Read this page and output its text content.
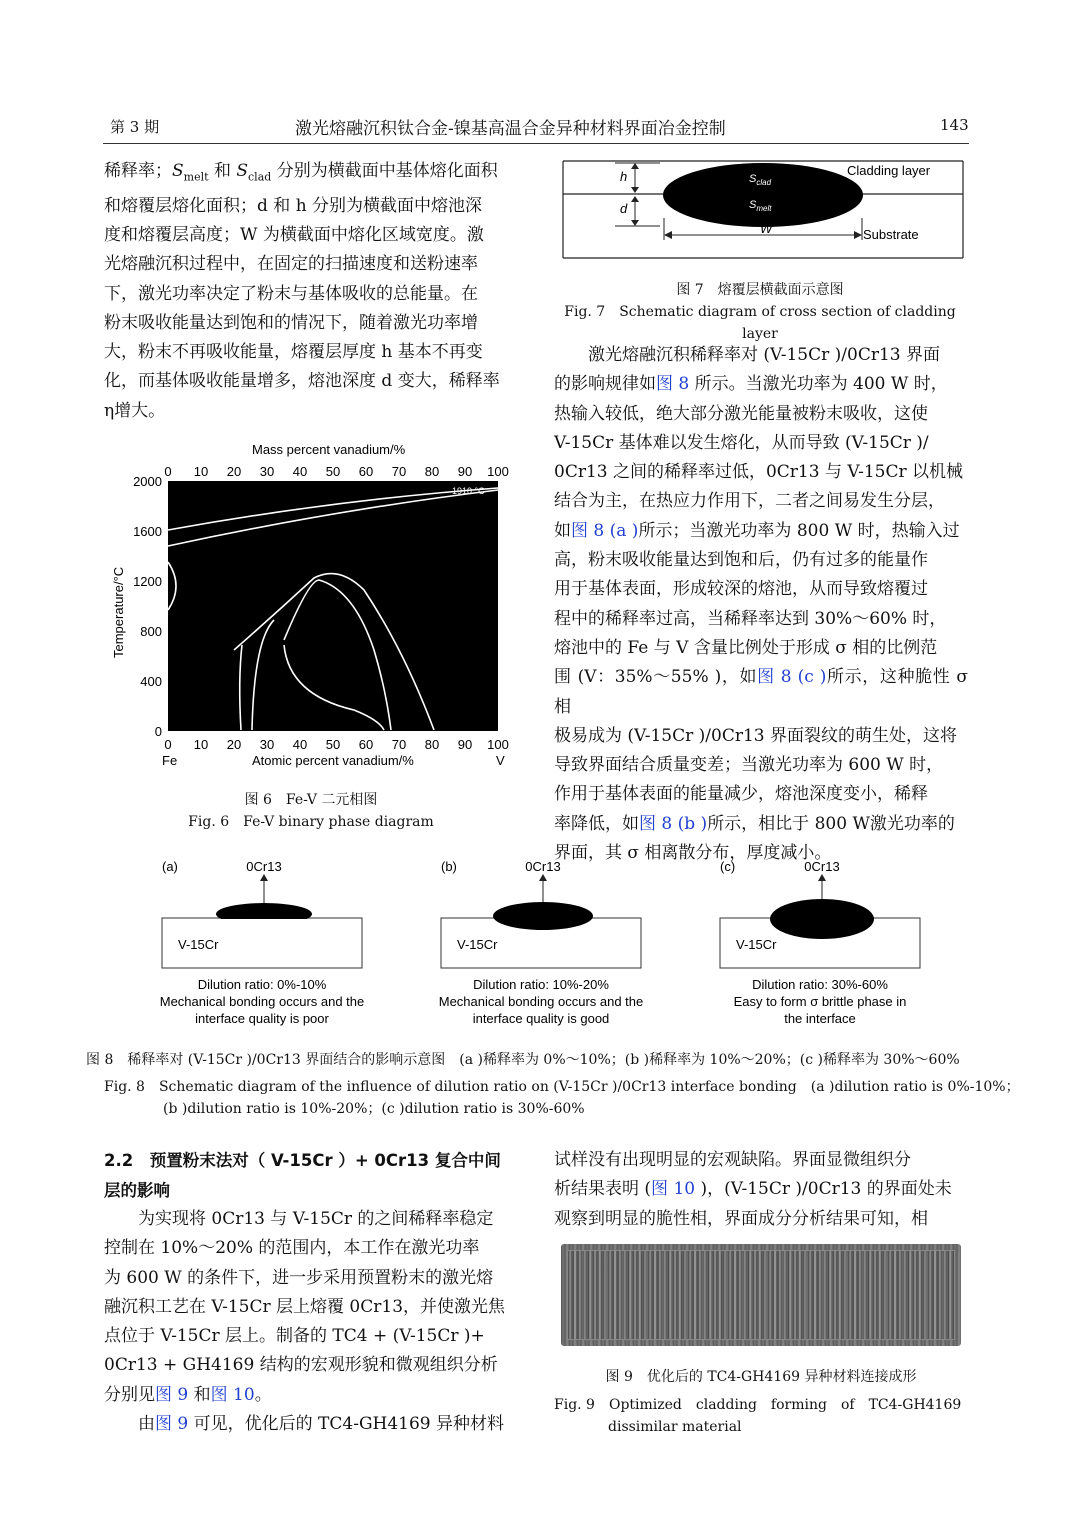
第 3 期	激光熔融沉积钛合金-镍基高温合金异种材料界面冶金控制	143

稀释率；$S_{melt}$ 和 $S_{clad}$ 分别为横截面中基体熔化面积

和熔覆层熔化面积；d 和 h 分别为横截面中熔池深

度和熔覆层高度；W 为横截面中熔化区域宽度。激

光熔融沉积过程中，在固定的扫描速度和送粉速率

下，激光功率决定了粉末与基体吸收的总能量。在

粉末吸收能量达到饱和的情况下，随着激光功率增

大，粉末不再吸收能量，熔覆层厚度 h 基本不再变

化，而基体吸收能量增多，熔池深度 d 变大，稀释率

η增大。

h
d
$S_{clad}$
$S_{melt}$
W
Cladding layer
Substrate
图 7　熔覆层横截面示意图
Fig. 7　Schematic diagram of cross section of cladding layer

激光熔融沉积稀释率对 (V-15Cr )/0Cr13 界面

的影响规律如图 8 所示。当激光功率为 400 W 时，

热输入较低，绝大部分激光能量被粉末吸收，这使

V-15Cr 基体难以发生熔化，从而导致 (V-15Cr )/

0Cr13 之间的稀释率过低，0Cr13 与 V-15Cr 以机械

结合为主，在热应力作用下，二者之间易发生分层，

如图 8 (a )所示；当激光功率为 800 W 时，热输入过

高，粉末吸收能量达到饱和后，仍有过多的能量作

用于基体表面，形成较深的熔池，从而导致熔覆过

程中的稀释率过高，当稀释率达到 30%～60% 时，

熔池中的 Fe 与 V 含量比例处于形成 σ 相的比例范

围 (V：35%～55% )，如图 8 (c )所示，这种脆性 σ 相

极易成为 (V-15Cr )/0Cr13 界面裂纹的萌生处，这将

导致界面结合质量变差；当激光功率为 600 W 时，

作用于基体表面的能量减少，熔池深度变小，稀释

率降低，如图 8 (b )所示，相比于 800 W激光功率的

界面，其 σ 相离散分布，厚度减小。

Mass percent vanadium/%
0 10 20 30 40 50 60 70 80 90 100
0 10 20 30 40 50 60 70 80 90 100
2000
1600
1200
800
400
0
Temperature/°C
Fe	Atomic percent vanadium/%	V
1910 °C
图 6　Fe-V 二元相图
Fig. 6　Fe-V binary phase diagram
(a)	0Cr13
V-15Cr
Dilution ratio: 0%-10%
Mechanical bonding occurs and the
interface quality is poor
(b)	0Cr13
V-15Cr
Dilution ratio: 10%-20%
Mechanical bonding occurs and the
interface quality is good
(c)	0Cr13
V-15Cr
Dilution ratio: 30%-60%
Easy to form σ brittle phase in
the interface
图 8　稀释率对 (V-15Cr )/0Cr13 界面结合的影响示意图　(a )稀释率为 0%～10%；(b )稀释率为 10%～20%；(c )稀释率为 30%～60%
Fig. 8　Schematic diagram of the influence of dilution ratio on (V-15Cr )/0Cr13 interface bonding　(a )dilution ratio is 0%-10%；
(b )dilution ratio is 10%-20%；(c )dilution ratio is 30%-60%
2.2　预置粉末法对（ V-15Cr ）+ 0Cr13 复合中间
层的影响

为实现将 0Cr13 与 V-15Cr 的之间稀释率稳定

控制在 10%～20% 的范围内，本工作在激光功率

为 600 W 的条件下，进一步采用预置粉末的激光熔

融沉积工艺在 V-15Cr 层上熔覆 0Cr13，并使激光焦

点位于 V-15Cr 层上。制备的 TC4 + (V-15Cr )+

0Cr13 + GH4169 结构的宏观形貌和微观组织分析

分别见图 9 和图 10。

由图 9 可见，优化后的 TC4-GH4169 异种材料

试样没有出现明显的宏观缺陷。界面显微组织分

析结果表明 (图 10 )，(V-15Cr )/0Cr13 的界面处未

观察到明显的脆性相，界面成分分析结果可知，相

图 9　优化后的 TC4-GH4169 异种材料连接成形
Fig. 9　Optimized　cladding　forming　of　TC4-GH4169
dissimilar material
